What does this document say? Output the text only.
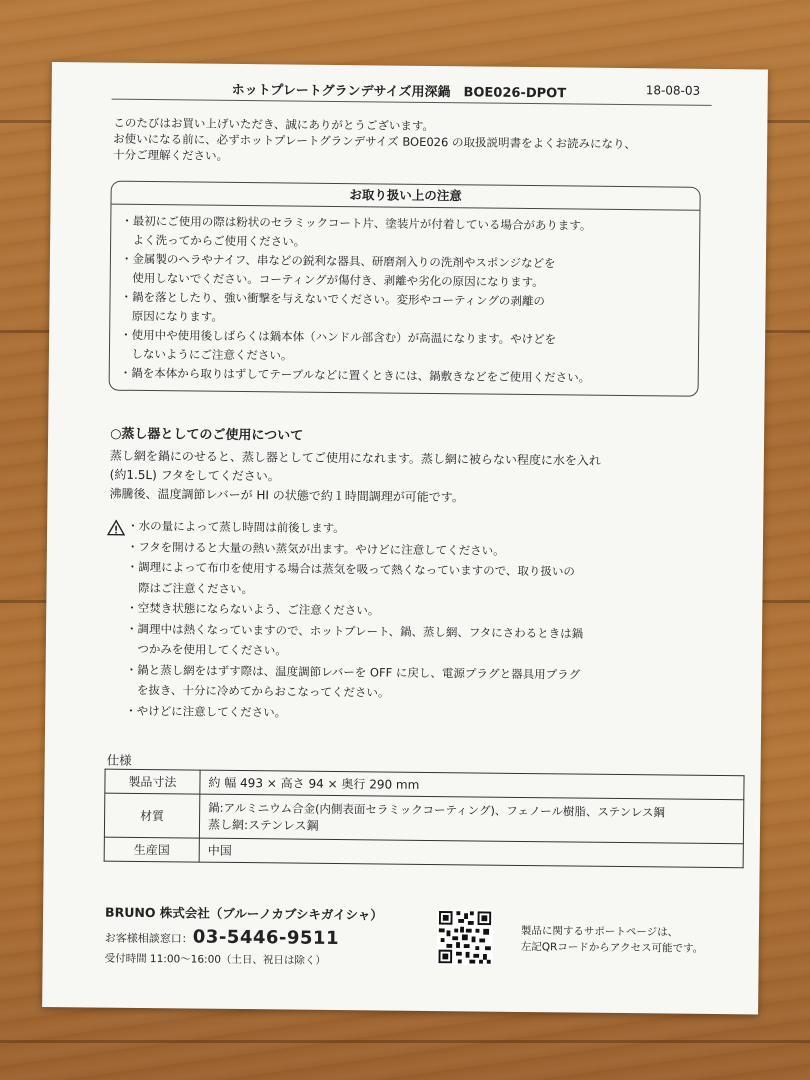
ホットプレートグランデサイズ用深鍋　BOE026-DPOT	18-08-03

このたびはお買い上げいただき、誠にありがとうございます。

お使いになる前に、必ずホットプレートグランデサイズ BOE026 の取扱説明書をよくお読みになり、

十分ご理解ください。

お取り扱い上の注意

・最初にご使用の際は粉状のセラミックコート片、塗装片が付着している場合があります。

　よく洗ってからご使用ください。

・金属製のヘラやナイフ、串などの鋭利な器具、研磨剤入りの洗剤やスポンジなどを

　使用しないでください。コーティングが傷付き、剥離や劣化の原因になります。

・鍋を落としたり、強い衝撃を与えないでください。変形やコーティングの剥離の

　原因になります。

・使用中や使用後しばらくは鍋本体（ハンドル部含む）が高温になります。やけどを

　しないようにご注意ください。

・鍋を本体から取りはずしてテーブルなどに置くときには、鍋敷きなどをご使用ください。

○蒸し器としてのご使用について

蒸し網を鍋にのせると、蒸し器としてご使用になれます。蒸し網に被らない程度に水を入れ

(約1.5L) フタをしてください。

沸騰後、温度調節レバーが HI の状態で約１時間調理が可能です。

・水の量によって蒸し時間は前後します。

・フタを開けると大量の熱い蒸気が出ます。やけどに注意してください。

・調理によって布巾を使用する場合は蒸気を吸って熱くなっていますので、取り扱いの

　際はご注意ください。

・空焚き状態にならないよう、ご注意ください。

・調理中は熱くなっていますので、ホットプレート、鍋、蒸し網、フタにさわるときは鍋

　つかみを使用してください。

・鍋と蒸し網をはずす際は、温度調節レバーを OFF に戻し、電源プラグと器具用プラグ

　を抜き、十分に冷めてからおこなってください。

・やけどに注意してください。

仕様
製品寸法	約 幅 493 × 高さ 94 × 奥行 290 mm
材質	鍋:アルミニウム合金(内側表面セラミックコーティング)、フェノール樹脂、ステンレス鋼
蒸し網:ステンレス鋼

生産国	中国
BRUNO 株式会社（ブルーノカブシキガイシャ）
お客様相談窓口：03-5446-9511
受付時間 11:00～16:00（土日、祝日は除く）

製品に関するサポートページは、

左記QRコードからアクセス可能です。
